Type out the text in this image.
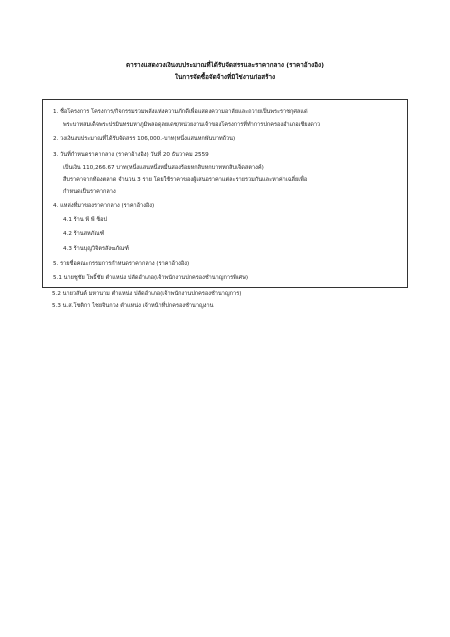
ตารางแสดงวงเงินงบประมาณที่ได้รับจัดสรรและราคากลาง (ราคาอ้างอิง)
ในการจัดซื้อจัดจ้างที่มิใช่งานก่อสร้าง
1. ชื่อโครงการ โครงการ/กิจกรรมรวมพลังแห่งความภักดีเพื่อแสดงความอาลัยและถวายเป็นพระราชกุศลแด่
พระบาทสมเด็จพระปรมินทรมหาภูมิพลอดุลยเดช/หน่วยงานเจ้าของโครงการที่ทำการปกครองอำเภอเชียงดาว
2. วงเงินงบประมาณที่ได้รับจัดสรร 106,000.-บาท(หนึ่งแสนหกพันบาทถ้วน)
3. วันที่กำหนดราคากลาง (ราคาอ้างอิง) วันที่ 20 ธันวาคม 2559
เป็นเงิน 110,266.67 บาท(หนึ่งแสนหนึ่งหมื่นสองร้อยหกสิบหกบาทหกสิบเจ็ดสตางค์)
สืบราคาจากท้องตลาด จำนวน 3 ราย โดยใช้ราคาของผู้เสนอราคาแต่ละรายรวมกันและหาค่าเฉลี่ยเพื่อ
กำหนดเป็นราคากลาง
4. แหล่งที่มาของราคากลาง (ราคาอ้างอิง)
4.1 ร้าน พี พี ช็อป
4.2 ร้านสหภัณฑ์
4.3 ร้านบุญวิจิตรสังฆภัณฑ์
5. รายชื่อคณะกรรมการกำหนดราคากลาง (ราคาอ้างอิง)
5.1 นายชูชัย โพธิ์ชัย ตำแหน่ง ปลัดอำเภอ(เจ้าพนักงานปกครองชำนาญการพิเศษ)
5.2 นายวสันต์ มหานาม ตำแหน่ง ปลัดอำเภอ(เจ้าพนักงานปกครองชำนาญการ)
5.3 น.ส.โชติกา ไชยจินกวง ตำแหน่ง เจ้าหน้าที่ปกครองชำนาญงาน
